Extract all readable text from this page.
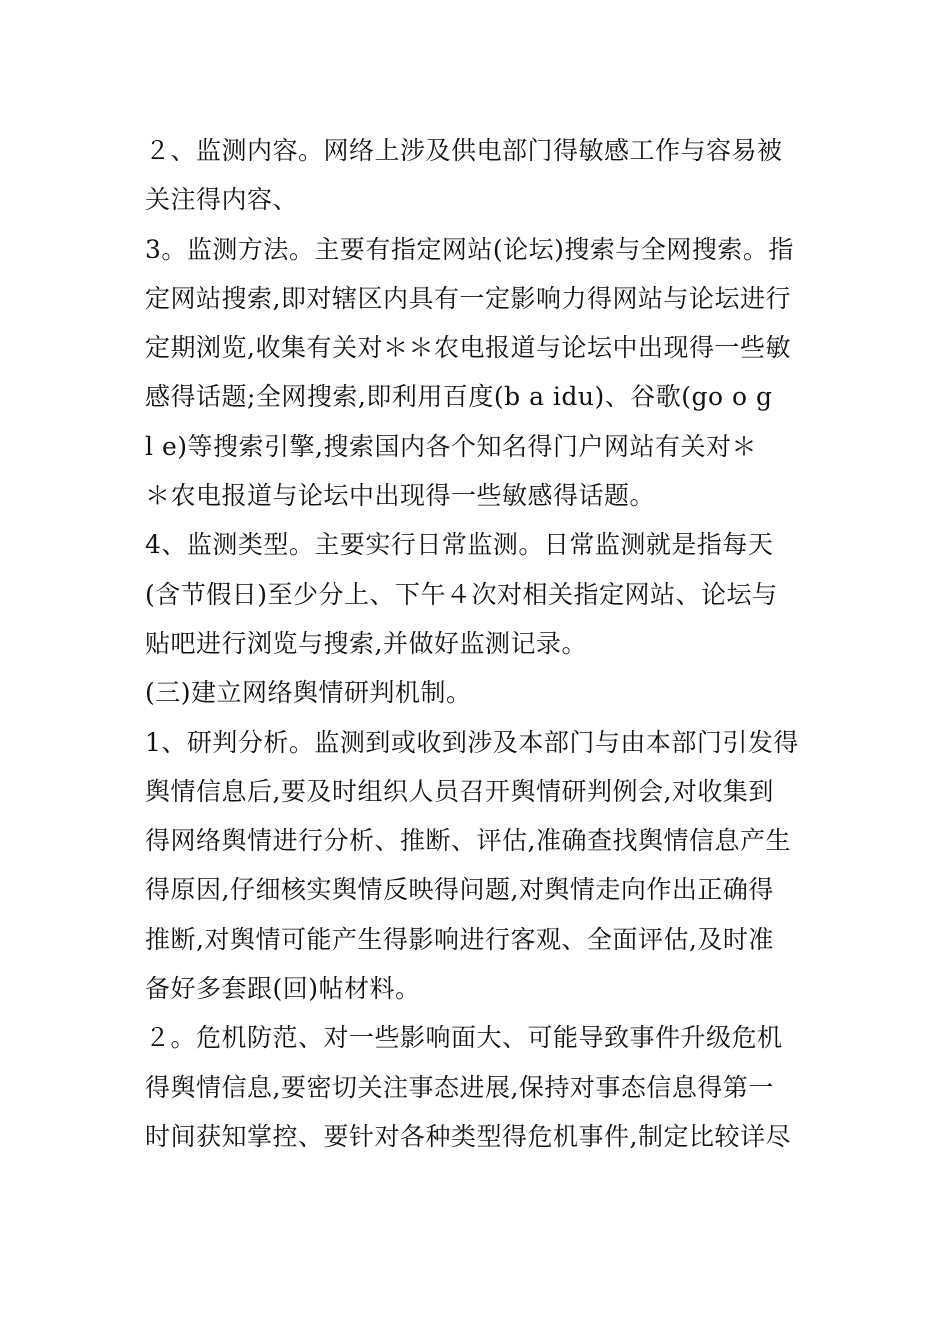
２、监测内容。网络上涉及供电部门得敏感工作与容易被
关注得内容、
3。监测方法。主要有指定网站(论坛)搜索与全网搜索。指
定网站搜索,即对辖区内具有一定影响力得网站与论坛进行
定期浏览,收集有关对＊＊农电报道与论坛中出现得一些敏
感得话题;全网搜索,即利用百度(b a idu)、谷歌(go o g
l e)等搜索引擎,搜索国内各个知名得门户网站有关对＊
＊农电报道与论坛中出现得一些敏感得话题。
4、监测类型。主要实行日常监测。日常监测就是指每天
(含节假日)至少分上、下午４次对相关指定网站、论坛与
贴吧进行浏览与搜索,并做好监测记录。
(三)建立网络舆情研判机制。
1、研判分析。监测到或收到涉及本部门与由本部门引发得
舆情信息后,要及时组织人员召开舆情研判例会,对收集到
得网络舆情进行分析、推断、评估,准确查找舆情信息产生
得原因,仔细核实舆情反映得问题,对舆情走向作出正确得
推断,对舆情可能产生得影响进行客观、全面评估,及时准
备好多套跟(回)帖材料。
２。危机防范、对一些影响面大、可能导致事件升级危机
得舆情信息,要密切关注事态进展,保持对事态信息得第一
时间获知掌控、要针对各种类型得危机事件,制定比较详尽
